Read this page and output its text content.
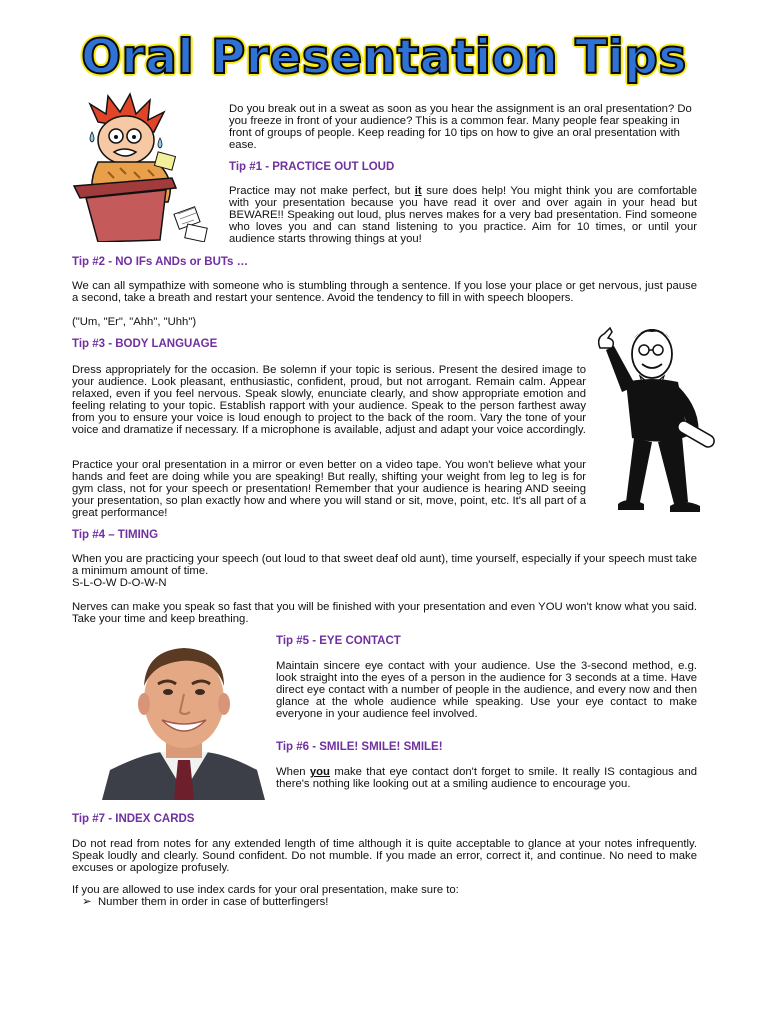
Oral Presentation Tips

Do you break out in a sweat as soon as you hear the assignment is an oral presentation? Do you freeze in front of your audience? This is a common fear. Many people fear speaking in front of groups of people. Keep reading for 10 tips on how to give an oral presentation with ease.

Tip #1 - PRACTICE OUT LOUD

Practice may not make perfect, but it sure does help! You might think you are comfortable with your presentation because you have read it over and over again in your head but BEWARE!! Speaking out loud, plus nerves makes for a very bad presentation. Find someone who loves you and can stand listening to you practice. Aim for 10 times, or until your audience starts throwing things at you!

Tip #2 - NO IFs ANDs or BUTs …

We can all sympathize with someone who is stumbling through a sentence. If you lose your place or get nervous, just pause a second, take a breath and restart your sentence. Avoid the tendency to fill in with speech bloopers.

("Um, "Er", "Ahh", "Uhh")

Tip #3 - BODY LANGUAGE

Dress appropriately for the occasion. Be solemn if your topic is serious. Present the desired image to your audience. Look pleasant, enthusiastic, confident, proud, but not arrogant. Remain calm. Appear relaxed, even if you feel nervous. Speak slowly, enunciate clearly, and show appropriate emotion and feeling relating to your topic. Establish rapport with your audience. Speak to the person farthest away from you to ensure your voice is loud enough to project to the back of the room. Vary the tone of your voice and dramatize if necessary. If a microphone is available, adjust and adapt your voice accordingly.

Practice your oral presentation in a mirror or even better on a video tape. You won't believe what your hands and feet are doing while you are speaking! But really, shifting your weight from leg to leg is for gym class, not for your speech or presentation! Remember that your audience is hearing AND seeing your presentation, so plan exactly how and where you will stand or sit, move, point, etc. It's all part of a great performance!

Tip #4 – TIMING

When you are practicing your speech (out loud to that sweet deaf old aunt), time yourself, especially if your speech must take a minimum amount of time.

S-L-O-W D-O-W-N

Nerves can make you speak so fast that you will be finished with your presentation and even YOU won't know what you said. Take your time and keep breathing.

Tip #5 - EYE CONTACT

Maintain sincere eye contact with your audience. Use the 3-second method, e.g. look straight into the eyes of a person in the audience for 3 seconds at a time. Have direct eye contact with a number of people in the audience, and every now and then glance at the whole audience while speaking. Use your eye contact to make everyone in your audience feel involved.

Tip #6 - SMILE! SMILE! SMILE!

When you make that eye contact don't forget to smile. It really IS contagious and there's nothing like looking out at a smiling audience to encourage you.

Tip #7 - INDEX CARDS

Do not read from notes for any extended length of time although it is quite acceptable to glance at your notes infrequently. Speak loudly and clearly. Sound confident. Do not mumble. If you made an error, correct it, and continue. No need to make excuses or apologize profusely.

If you are allowed to use index cards for your oral presentation, make sure to:

➢ Number them in order in case of butterfingers!
